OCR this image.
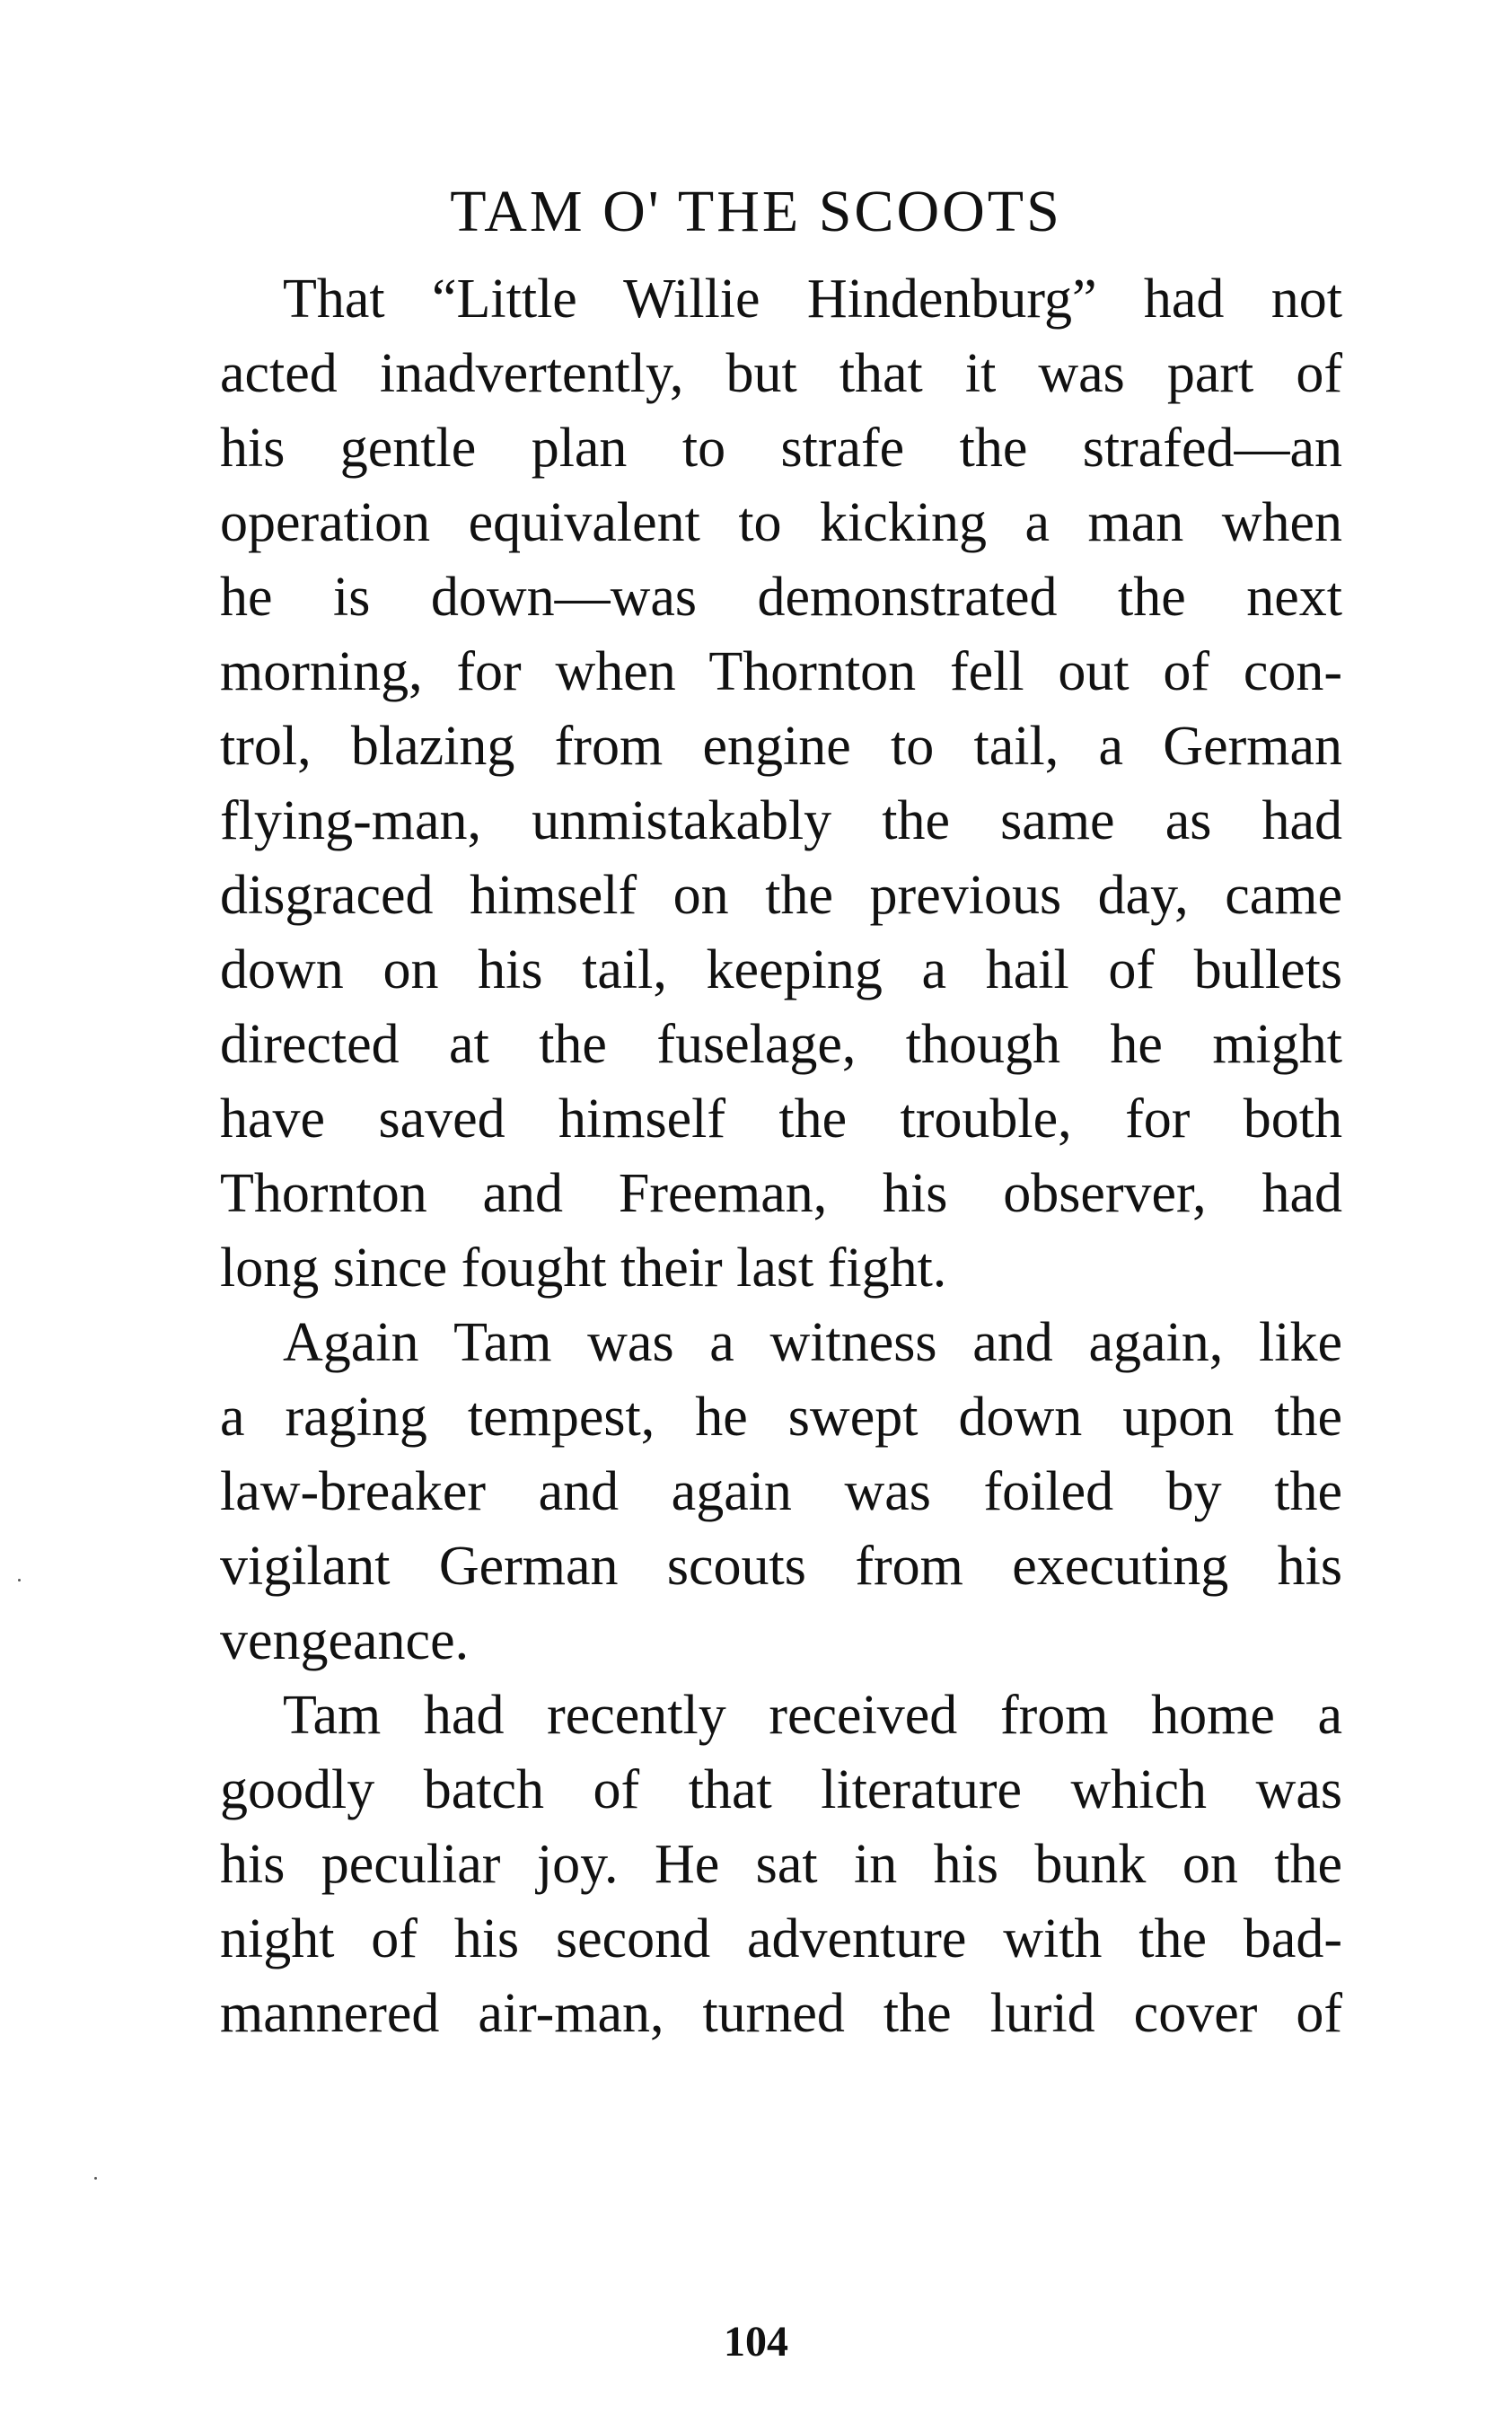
TAM O' THE SCOOTS
That “Little Willie Hindenburg” had not
acted inadvertently, but that it was part of
his gentle plan to strafe the strafed—an
operation equivalent to kicking a man when
he is down—was demonstrated the next
morning, for when Thornton fell out of con-
trol, blazing from engine to tail, a German
flying-man, unmistakably the same as had
disgraced himself on the previous day, came
down on his tail, keeping a hail of bullets
directed at the fuselage, though he might
have saved himself the trouble, for both
Thornton and Freeman, his observer, had
long since fought their last fight.
Again Tam was a witness and again, like
a raging tempest, he swept down upon the
law-breaker and again was foiled by the
vigilant German scouts from executing his
vengeance.
Tam had recently received from home a
goodly batch of that literature which was
his peculiar joy. He sat in his bunk on the
night of his second adventure with the bad-
mannered air-man, turned the lurid cover of
104
